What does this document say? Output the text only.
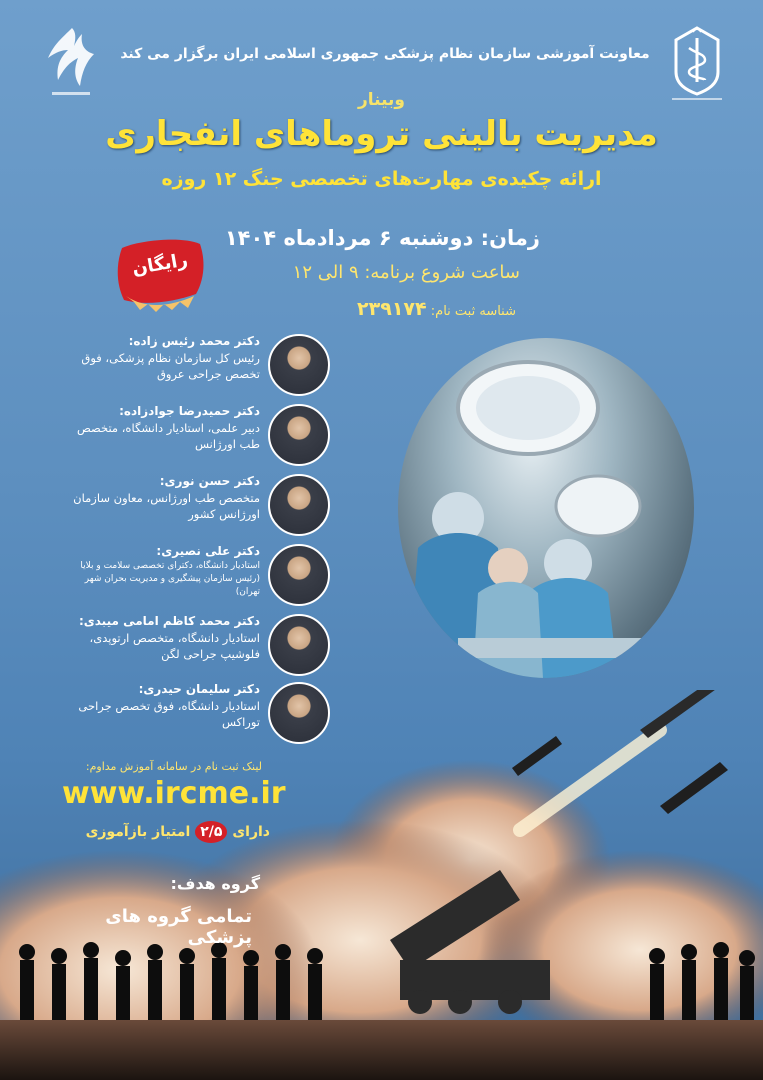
معاونت آموزشی سازمان نظام پزشکی جمهوری اسلامی ایران برگزار می کند
وبینار
مدیریت بالینی تروماهای انفجاری
ارائه چکیده‌ی مهارت‌های تخصصی جنگ ۱۲ روزه
زمان: دوشنبه ۶ مردادماه ۱۴۰۴
ساعت شروع برنامه: ۹ الی ۱۲
شناسه ثبت نام: ۲۳۹۱۷۴
رایگان
دکتر محمد رئیس زاده:
رئیس کل سازمان نظام پزشکی، فوق تخصص جراحی عروق
دکتر حمیدرضا جوادزاده:
دبیر علمی، استادیار دانشگاه، متخصص طب اورژانس
دکتر حسن نوری:
متخصص طب اورژانس، معاون سازمان اورژانس کشور
دکتر علی نصیری:
استادیار دانشگاه، دکترای تخصصی سلامت و بلایا (رئیس سازمان پیشگیری و مدیریت بحران شهر تهران)
دکتر محمد کاظم امامی میبدی:
استادیار دانشگاه، متخصص ارتوپدی، فلوشیپ جراحی لگن
دکتر سلیمان حیدری:
استادیار دانشگاه، فوق تخصص جراحی توراکس
لینک ثبت نام در سامانه آموزش مداوم:
www.ircme.ir
دارای ۲/۵ امتیاز بازآموزی
گروه هدف:
تمامی گروه های پزشکی
